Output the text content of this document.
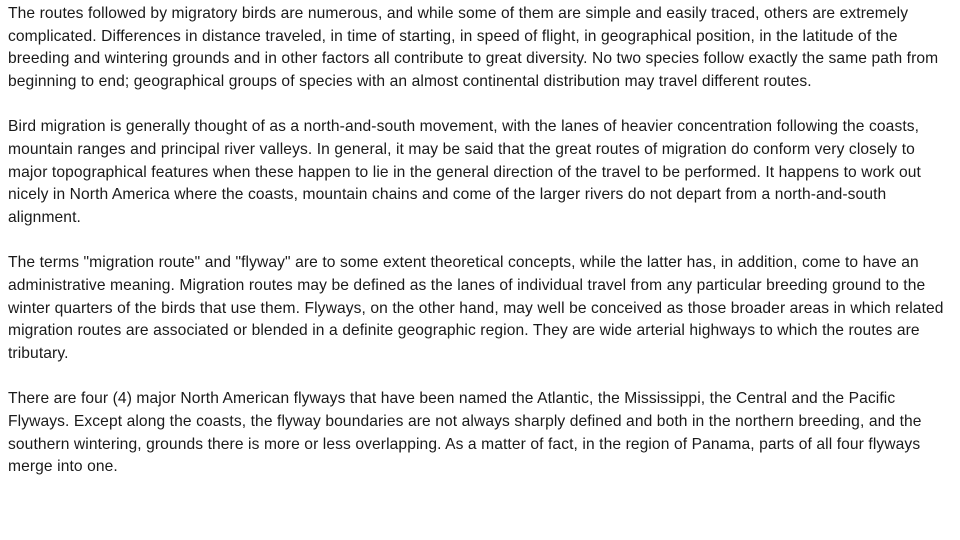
The routes followed by migratory birds are numerous, and while some of them are simple and easily traced, others are extremely complicated. Differences in distance traveled, in time of starting, in speed of flight, in geographical position, in the latitude of the breeding and wintering grounds and in other factors all contribute to great diversity. No two species follow exactly the same path from beginning to end; geographical groups of species with an almost continental distribution may travel different routes.

Bird migration is generally thought of as a north-and-south movement, with the lanes of heavier concentration following the coasts, mountain ranges and principal river valleys. In general, it may be said that the great routes of migration do conform very closely to major topographical features when these happen to lie in the general direction of the travel to be performed. It happens to work out nicely in North America where the coasts, mountain chains and come of the larger rivers do not depart from a north-and-south alignment.

The terms "migration route" and "flyway" are to some extent theoretical concepts, while the latter has, in addition, come to have an administrative meaning. Migration routes may be defined as the lanes of individual travel from any particular breeding ground to the winter quarters of the birds that use them. Flyways, on the other hand, may well be conceived as those broader areas in which related migration routes are associated or blended in a definite geographic region. They are wide arterial highways to which the routes are tributary.

There are four (4) major North American flyways that have been named the Atlantic, the Mississippi, the Central and the Pacific Flyways. Except along the coasts, the flyway boundaries are not always sharply defined and both in the northern breeding, and the southern wintering, grounds there is more or less overlapping. As a matter of fact, in the region of Panama, parts of all four flyways merge into one.
